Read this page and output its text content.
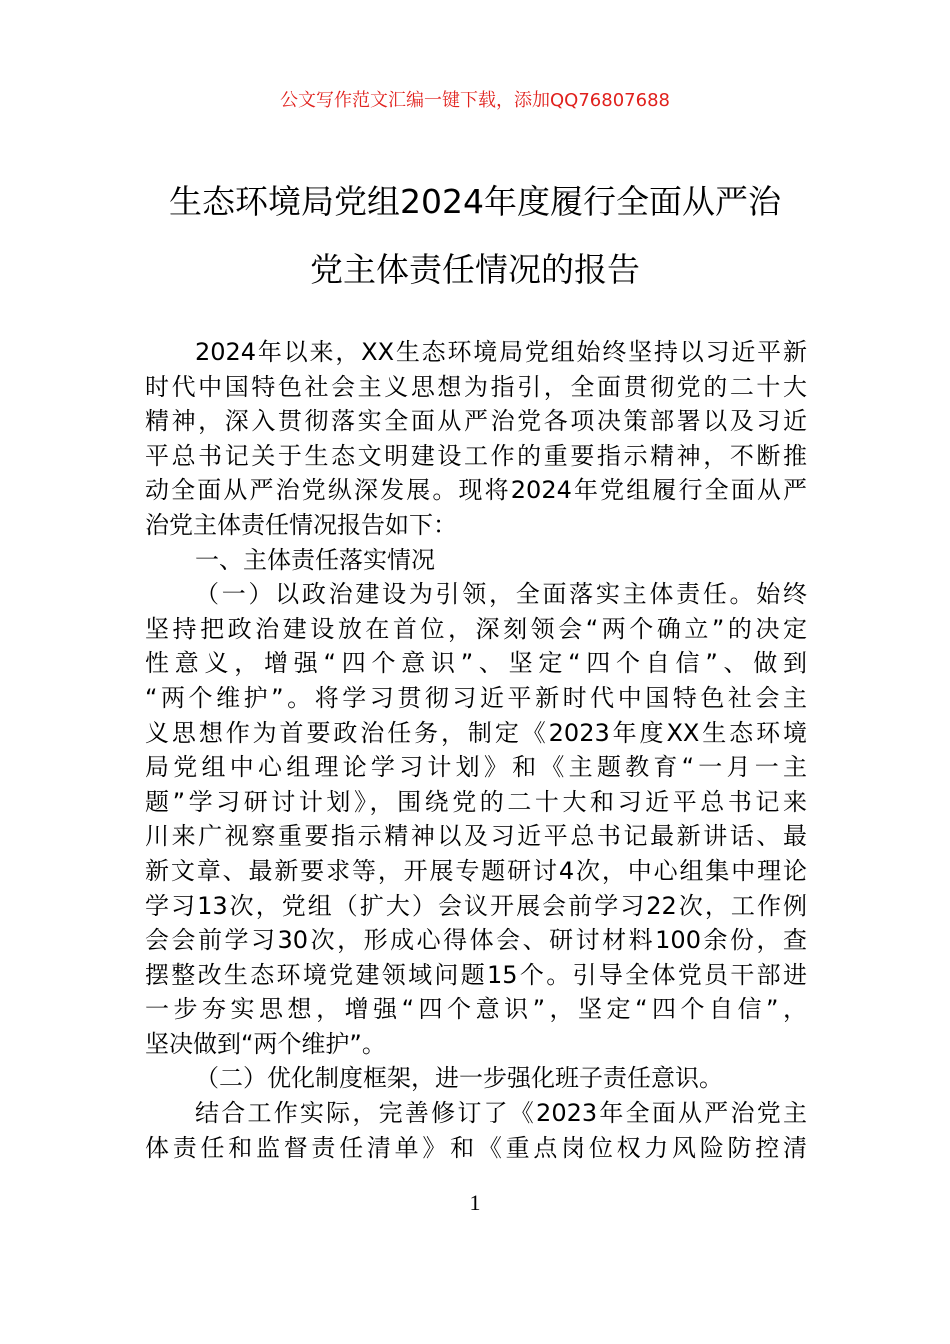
公文写作范文汇编一键下载，添加QQ76807688
生态环境局党组2024年度履行全面从严治
党主体责任情况的报告
2024年以来，XX生态环境局党组始终坚持以习近平新
时代中国特色社会主义思想为指引，全面贯彻党的二十大
精神，深入贯彻落实全面从严治党各项决策部署以及习近
平总书记关于生态文明建设工作的重要指示精神，不断推
动全面从严治党纵深发展。现将2024年党组履行全面从严
治党主体责任情况报告如下：
一、主体责任落实情况
（一）以政治建设为引领，全面落实主体责任。始终
坚持把政治建设放在首位，深刻领会“两个确立”的决定
性意义，增强“四个意识”、坚定“四个自信”、做到
“两个维护”。将学习贯彻习近平新时代中国特色社会主
义思想作为首要政治任务，制定《2023年度XX生态环境
局党组中心组理论学习计划》和《主题教育“一月一主
题”学习研讨计划》，围绕党的二十大和习近平总书记来
川来广视察重要指示精神以及习近平总书记最新讲话、最
新文章、最新要求等，开展专题研讨4次，中心组集中理论
学习13次，党组（扩大）会议开展会前学习22次，工作例
会会前学习30次，形成心得体会、研讨材料100余份，查
摆整改生态环境党建领域问题15个。引导全体党员干部进
一步夯实思想，增强“四个意识”，坚定“四个自信”，
坚决做到“两个维护”。
（二）优化制度框架，进一步强化班子责任意识。
结合工作实际，完善修订了《2023年全面从严治党主
体责任和监督责任清单》和《重点岗位权力风险防控清
1
